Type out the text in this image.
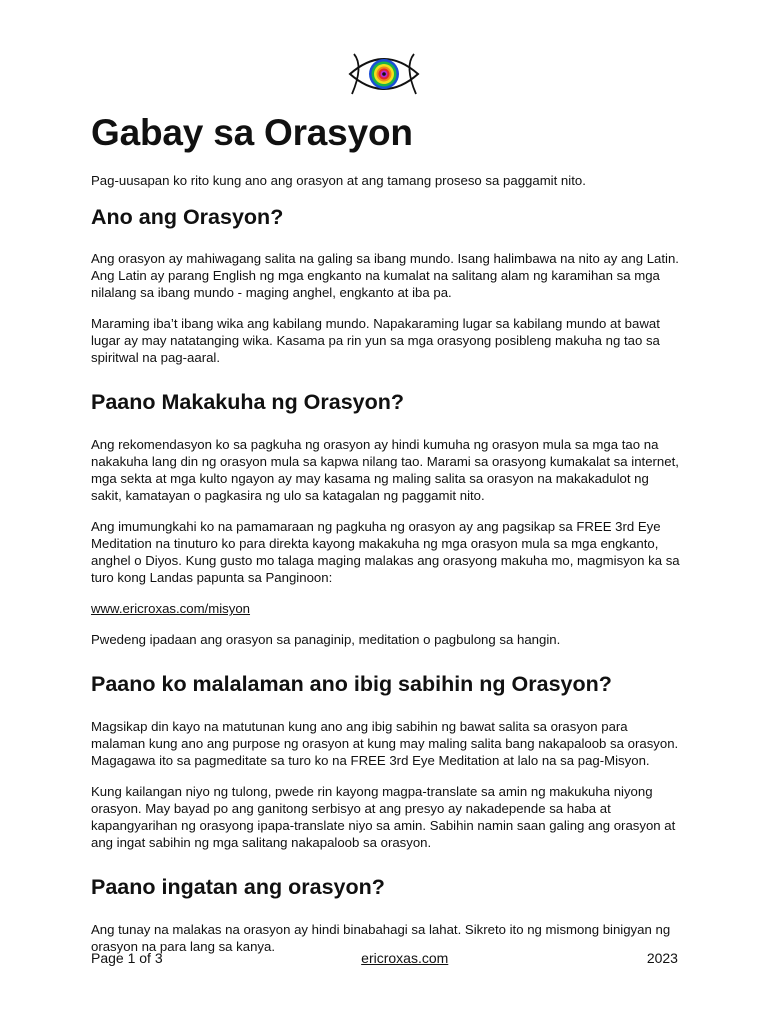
Gabay sa Orasyon

Pag-uusapan ko rito kung ano ang orasyon at ang tamang proseso sa paggamit nito.

Ano ang Orasyon?

Ang orasyon ay mahiwagang salita na galing sa ibang mundo. Isang halimbawa na nito ay ang Latin. Ang Latin ay parang English ng mga engkanto na kumalat na salitang alam ng karamihan sa mga nilalang sa ibang mundo - maging anghel, engkanto at iba pa.

Maraming iba’t ibang wika ang kabilang mundo. Napakaraming lugar sa kabilang mundo at bawat lugar ay may natatanging wika. Kasama pa rin yun sa mga orasyong posibleng makuha ng tao sa spiritwal na pag-aaral.

Paano Makakuha ng Orasyon?

Ang rekomendasyon ko sa pagkuha ng orasyon ay hindi kumuha ng orasyon mula sa mga tao na nakakuha lang din ng orasyon mula sa kapwa nilang tao. Marami sa orasyong kumakalat sa internet, mga sekta at mga kulto ngayon ay may kasama ng maling salita sa orasyon na makakadulot ng sakit, kamatayan o pagkasira ng ulo sa katagalan ng paggamit nito.

Ang imumungkahi ko na pamamaraan ng pagkuha ng orasyon ay ang pagsikap sa FREE 3rd Eye Meditation na tinuturo ko para direkta kayong makakuha ng mga orasyon mula sa mga engkanto, anghel o Diyos. Kung gusto mo talaga maging malakas ang orasyong makuha mo, magmisyon ka sa turo kong Landas papunta sa Panginoon:

www.ericroxas.com/misyon

Pwedeng ipadaan ang orasyon sa panaginip, meditation o pagbulong sa hangin.

Paano ko malalaman ano ibig sabihin ng Orasyon?

Magsikap din kayo na matutunan kung ano ang ibig sabihin ng bawat salita sa orasyon para malaman kung ano ang purpose ng orasyon at kung may maling salita bang nakapaloob sa orasyon. Magagawa ito sa pagmeditate sa turo ko na FREE 3rd Eye Meditation at lalo na sa pag-Misyon.

Kung kailangan niyo ng tulong, pwede rin kayong magpa-translate sa amin ng makukuha niyong orasyon. May bayad po ang ganitong serbisyo at ang presyo ay nakadepende sa haba at kapangyarihan ng orasyong ipapa-translate niyo sa amin. Sabihin namin saan galing ang orasyon at ang ingat sabihin ng mga salitang nakapaloob sa orasyon.

Paano ingatan ang orasyon?

Ang tunay na malakas na orasyon ay hindi binabahagi sa lahat. Sikreto ito ng mismong binigyan ng orasyon na para lang sa kanya.

Page 1 of 3	ericroxas.com	2023
